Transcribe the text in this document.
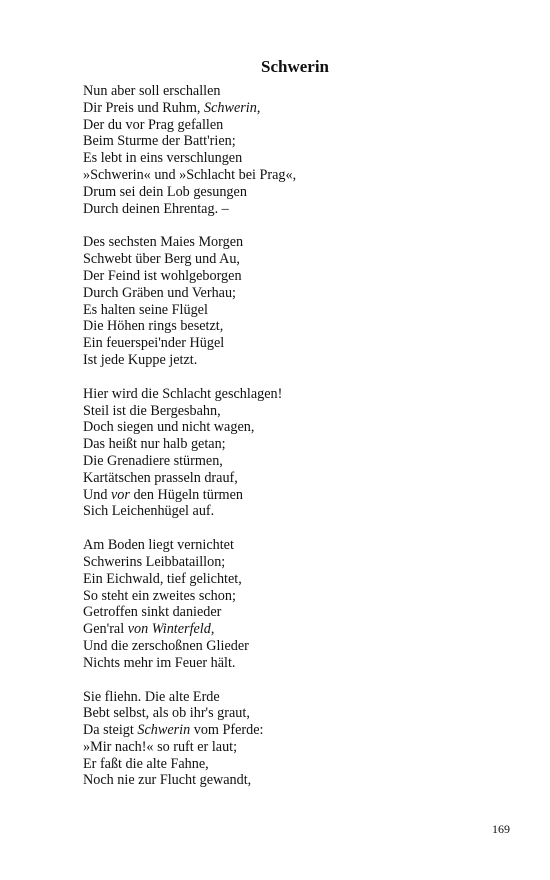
Schwerin
Nun aber soll erschallen
Dir Preis und Ruhm, Schwerin,
Der du vor Prag gefallen
Beim Sturme der Batt'rien;
Es lebt in eins verschlungen
»Schwerin« und »Schlacht bei Prag«,
Drum sei dein Lob gesungen
Durch deinen Ehrentag. –
Des sechsten Maies Morgen
Schwebt über Berg und Au,
Der Feind ist wohlgeborgen
Durch Gräben und Verhau;
Es halten seine Flügel
Die Höhen rings besetzt,
Ein feuerspei'nder Hügel
Ist jede Kuppe jetzt.
Hier wird die Schlacht geschlagen!
Steil ist die Bergesbahn,
Doch siegen und nicht wagen,
Das heißt nur halb getan;
Die Grenadiere stürmen,
Kartätschen prasseln drauf,
Und vor den Hügeln türmen
Sich Leichenhügel auf.
Am Boden liegt vernichtet
Schwerins Leibbataillon;
Ein Eichwald, tief gelichtet,
So steht ein zweites schon;
Getroffen sinkt danieder
Gen'ral von Winterfeld,
Und die zerschoßnen Glieder
Nichts mehr im Feuer hält.
Sie fliehn. Die alte Erde
Bebt selbst, als ob ihr's graut,
Da steigt Schwerin vom Pferde:
»Mir nach!« so ruft er laut;
Er faßt die alte Fahne,
Noch nie zur Flucht gewandt,
169
